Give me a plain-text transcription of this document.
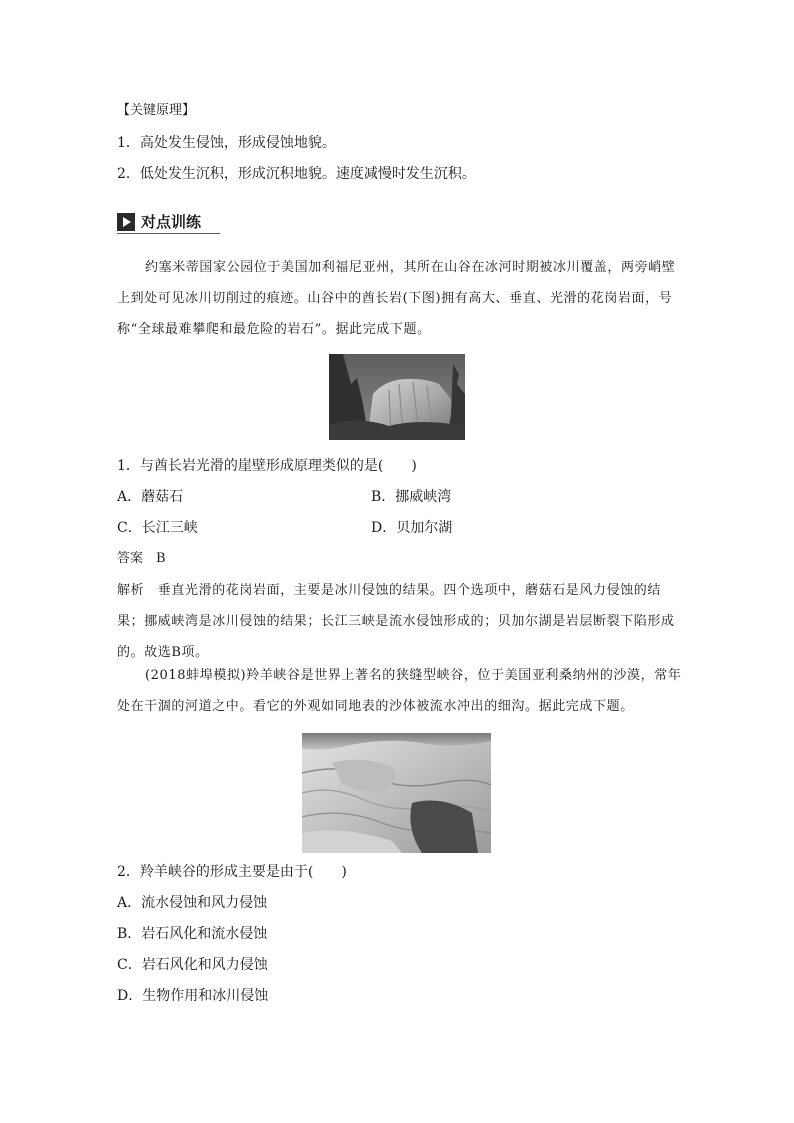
【关键原理】
1．高处发生侵蚀，形成侵蚀地貌。
2．低处发生沉积，形成沉积地貌。速度减慢时发生沉积。
对点训练
约塞米蒂国家公园位于美国加利福尼亚州，其所在山谷在冰河时期被冰川覆盖，两旁峭壁上到处可见冰川切削过的痕迹。山谷中的酋长岩(下图)拥有高大、垂直、光滑的花岗岩面，号称“全球最难攀爬和最危险的岩石”。据此完成下题。
1．与酋长岩光滑的崖壁形成原理类似的是(　　)
A．蘑菇石	B．挪威峡湾
C．长江三峡	D．贝加尔湖
答案　B
解析　垂直光滑的花岗岩面，主要是冰川侵蚀的结果。四个选项中，蘑菇石是风力侵蚀的结果；挪威峡湾是冰川侵蚀的结果；长江三峡是流水侵蚀形成的；贝加尔湖是岩层断裂下陷形成的。故选B项。
(2018蚌埠模拟)羚羊峡谷是世界上著名的狭缝型峡谷，位于美国亚利桑纳州的沙漠，常年处在干涸的河道之中。看它的外观如同地表的沙体被流水冲出的细沟。据此完成下题。
2．羚羊峡谷的形成主要是由于(　　)
A．流水侵蚀和风力侵蚀
B．岩石风化和流水侵蚀
C．岩石风化和风力侵蚀
D．生物作用和冰川侵蚀
